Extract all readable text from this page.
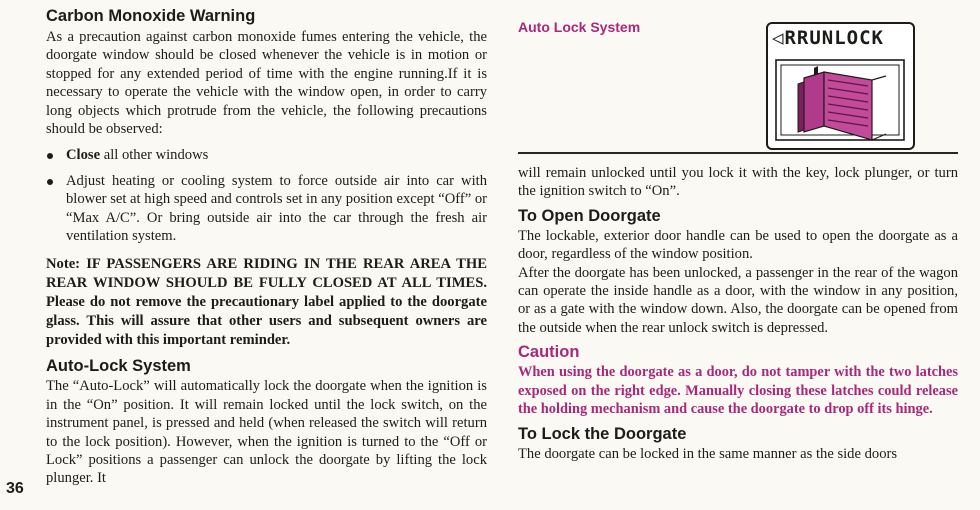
Carbon Monoxide Warning

As a precaution against carbon monoxide fumes entering the vehicle, the doorgate window should be closed whenever the vehicle is in motion or stopped for any extended period of time with the engine running.If it is necessary to operate the vehicle with the window open, in order to carry long objects which protrude from the vehicle, the following precautions should be observed:

Close all other windows
Adjust heating or cooling system to force outside air into car with blower set at high speed and controls set in any position except “Off” or “Max A/C”. Or bring outside air into the car through the fresh air ventilation system.

Note: IF PASSENGERS ARE RIDING IN THE REAR AREA THE REAR WINDOW SHOULD BE FULLY CLOSED AT ALL TIMES. Please do not remove the precautionary label applied to the doorgate glass. This will assure that other users and subsequent owners are provided with this important reminder.

Auto-Lock System

The “Auto-Lock” will automatically lock the doorgate when the ignition is in the “On” position. It will remain locked until the lock switch, on the instrument panel, is pressed and held (when released the switch will return to the lock position). However, when the ignition is turned to the “Off or Lock” positions a passenger can unlock the doorgate by lifting the lock plunger. It

36
Auto Lock System	◁RRUNLOCK

will remain unlocked until you lock it with the key, lock plunger, or turn the ignition switch to “On”.

To Open Doorgate

The lockable, exterior door handle can be used to open the doorgate as a door, regardless of the window position.

After the doorgate has been unlocked, a passenger in the rear of the wagon can operate the inside handle as a door, with the window in any position, or as a gate with the window down. Also, the doorgate can be opened from the outside when the rear unlock switch is depressed.

Caution

When using the doorgate as a door, do not tamper with the two latches exposed on the right edge. Manually closing these latches could release the holding mechanism and cause the doorgate to drop off its hinge.

To Lock the Doorgate

The doorgate can be locked in the same manner as the side doors
